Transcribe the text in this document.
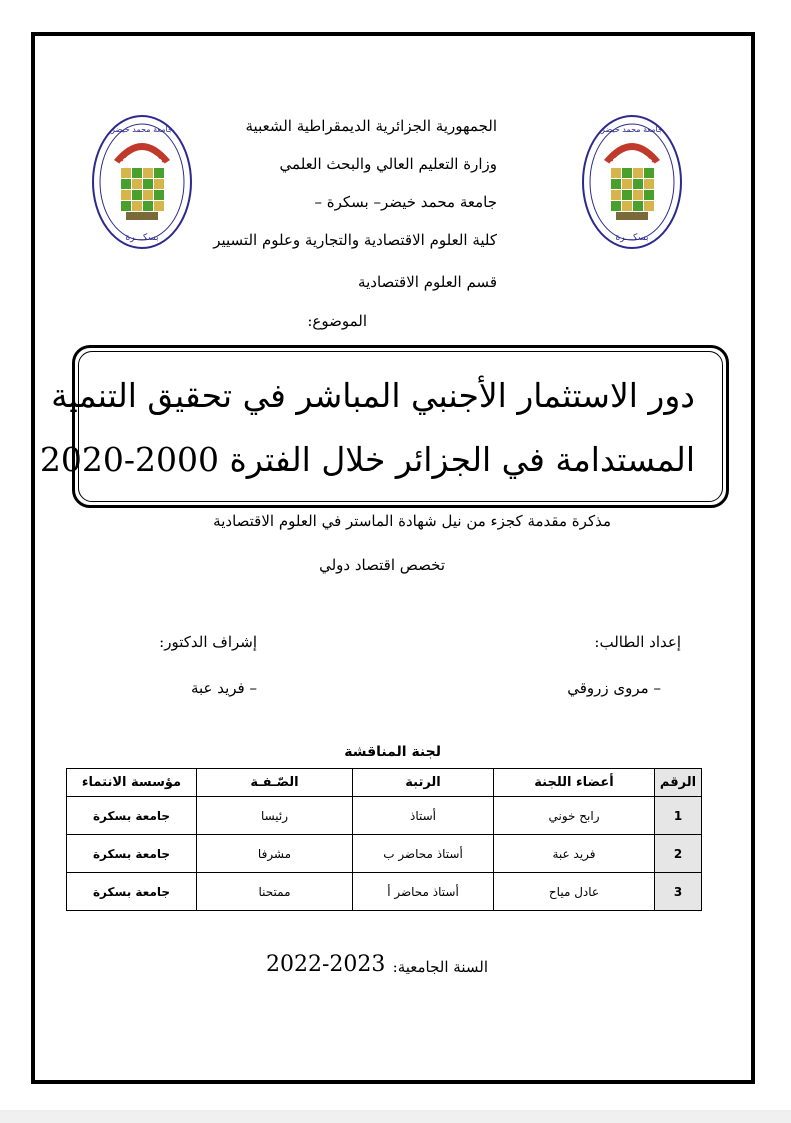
جامعة محمد خيضر
بسكـــرة
جامعة محمد خيضر
بسكـــرة
الجمهورية الجزائرية الديمقراطية الشعبية
وزارة التعليم العالي والبحث العلمي
جامعة محمد خيضر– بسكرة –
كلية العلوم الاقتصادية والتجارية وعلوم التسيير
قسم العلوم الاقتصادية
الموضوع:
دور الاستثمار الأجنبي المباشر في تحقيق التنمية
المستدامة في الجزائر خلال الفترة 2000-2020
مذكرة مقدمة كجزء من نيل شهادة الماستر في العلوم الاقتصادية
تخصص اقتصاد دولي
إعداد الطالب:
– مروى زروقي
إشراف الدكتور:
– فريد عبة
لجنة المناقشة
الرقم	أعضاء اللجنة	الرتبة	الصّـفـة	مؤسسة الانتماء
1	رابح خوني	أستاذ	رئيسا	جامعة بسكرة
2	فريد عبة	أستاذ محاضر ب	مشرفا	جامعة بسكرة
3	عادل مياح	أستاذ محاضر أ	ممتحنا	جامعة بسكرة
السنة الجامعية:
2022-2023
